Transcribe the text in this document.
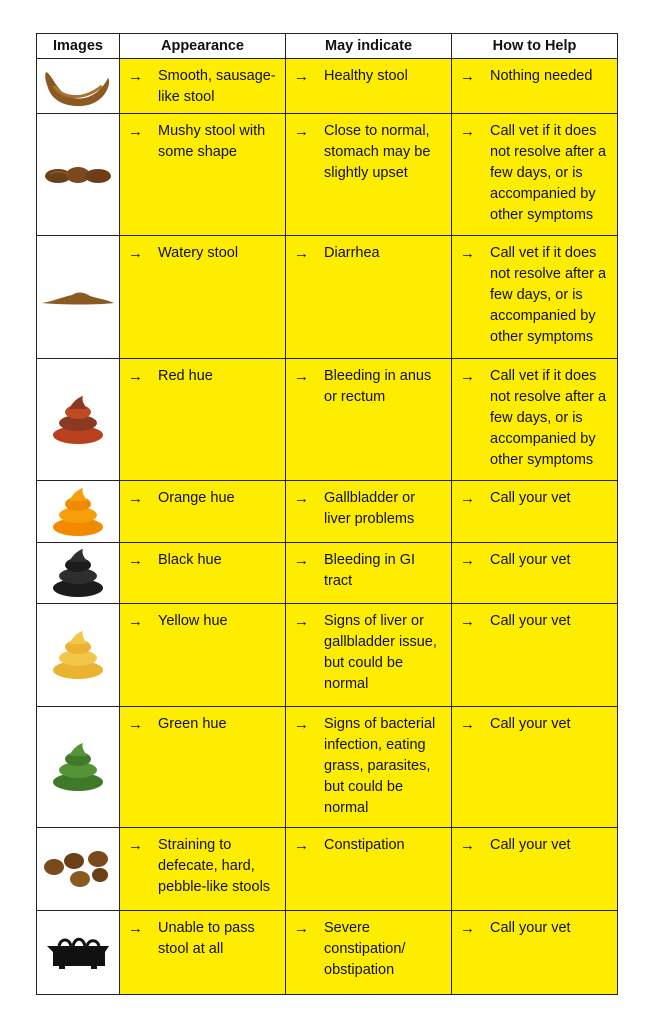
Images	Appearance	May indicate	How to Help

→ Smooth, sausage-like stool	→ Healthy stool	→ Nothing needed

→ Mushy stool with some shape	→ Close to normal, stomach may be slightly upset	→ Call vet if it does not resolve after a few days, or is accompanied by other symptoms

→ Watery stool	→ Diarrhea	→ Call vet if it does not resolve after a few days, or is accompanied by other symptoms

→ Red hue	→ Bleeding in anus or rectum	→ Call vet if it does not resolve after a few days, or is accompanied by other symptoms

→ Orange hue	→ Gallbladder or liver problems	→ Call your vet

→ Black hue	→ Bleeding in GI tract	→ Call your vet

→ Yellow hue	→ Signs of liver or gallbladder issue, but could be normal	→ Call your vet

→ Green hue	→ Signs of bacterial infection, eating grass, parasites, but could be normal	→ Call your vet

→ Straining to defecate, hard, pebble-like stools	→ Constipation	→ Call your vet

→ Unable to pass stool at all	→ Severe constipation/ obstipation	→ Call your vet
